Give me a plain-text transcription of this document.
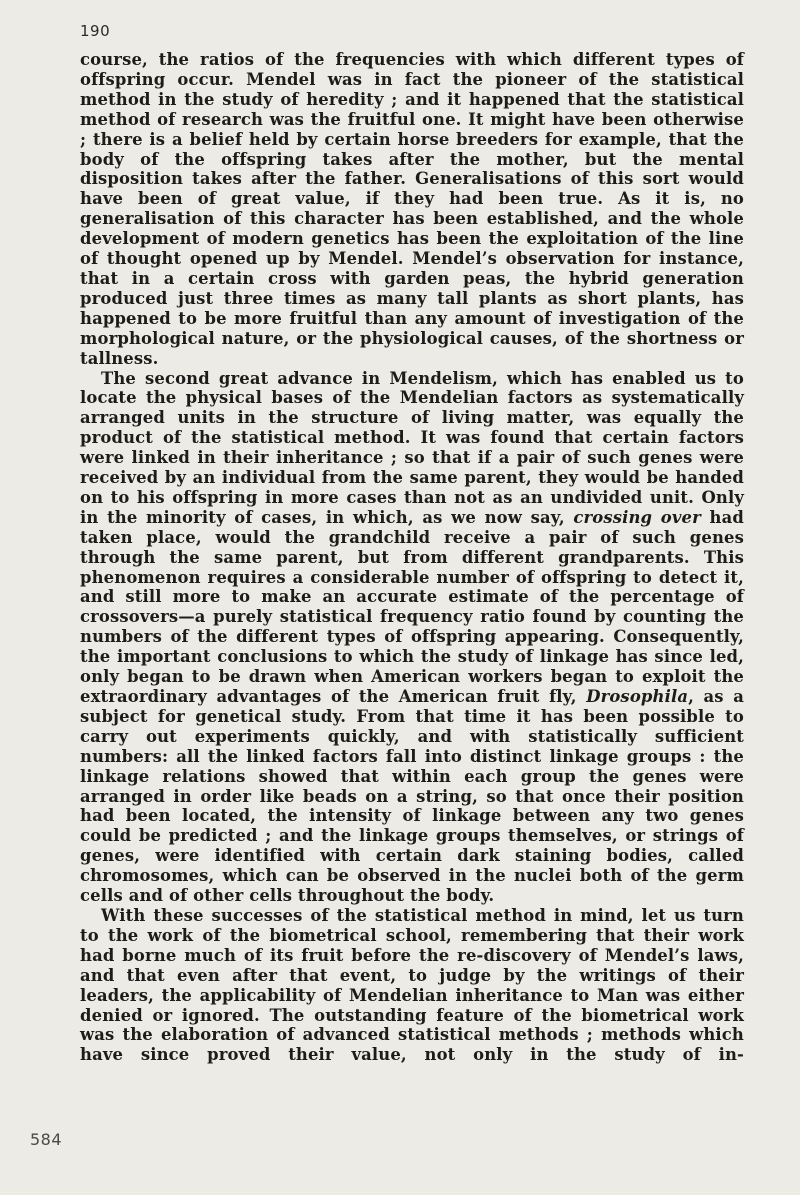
190

course, the ratios of the frequencies with which different types of offspring occur. Mendel was in fact the pioneer of the statistical method in the study of heredity ; and it happened that the statistical method of research was the fruitful one. It might have been otherwise ; there is a belief held by certain horse breeders for example, that the body of the offspring takes after the mother, but the mental disposition takes after the father. Generalisations of this sort would have been of great value, if they had been true. As it is, no generalisation of this character has been established, and the whole development of modern genetics has been the exploitation of the line of thought opened up by Mendel. Mendel’s observation for instance, that in a certain cross with garden peas, the hybrid generation produced just three times as many tall plants as short plants, has happened to be more fruitful than any amount of investigation of the morphological nature, or the physiological causes, of the shortness or tallness.

The second great advance in Mendelism, which has enabled us to locate the physical bases of the Mendelian factors as systematically arranged units in the structure of living matter, was equally the product of the statistical method. It was found that certain factors were linked in their inheritance ; so that if a pair of such genes were received by an individual from the same parent, they would be handed on to his offspring in more cases than not as an undivided unit. Only in the minority of cases, in which, as we now say, crossing over had taken place, would the grandchild receive a pair of such genes through the same parent, but from different grandparents. This phenomenon requires a considerable number of offspring to detect it, and still more to make an accurate estimate of the percentage of crossovers—a purely statistical frequency ratio found by counting the numbers of the different types of offspring appearing. Consequently, the important conclusions to which the study of linkage has since led, only began to be drawn when American workers began to exploit the extraordinary advantages of the American fruit fly, Drosophila, as a subject for genetical study. From that time it has been possible to carry out experiments quickly, and with statistically sufficient numbers: all the linked factors fall into distinct linkage groups : the linkage relations showed that within each group the genes were arranged in order like beads on a string, so that once their position had been located, the intensity of linkage between any two genes could be predicted ; and the linkage groups themselves, or strings of genes, were identified with certain dark staining bodies, called chromosomes, which can be observed in the nuclei both of the germ cells and of other cells throughout the body.

With these successes of the statistical method in mind, let us turn to the work of the biometrical school, remembering that their work had borne much of its fruit before the re-discovery of Mendel’s laws, and that even after that event, to judge by the writings of their leaders, the applicability of Mendelian inheritance to Man was either denied or ignored. The outstanding feature of the biometrical work was the elaboration of advanced statistical methods ; methods which have since proved their value, not only in the study of in-

584
